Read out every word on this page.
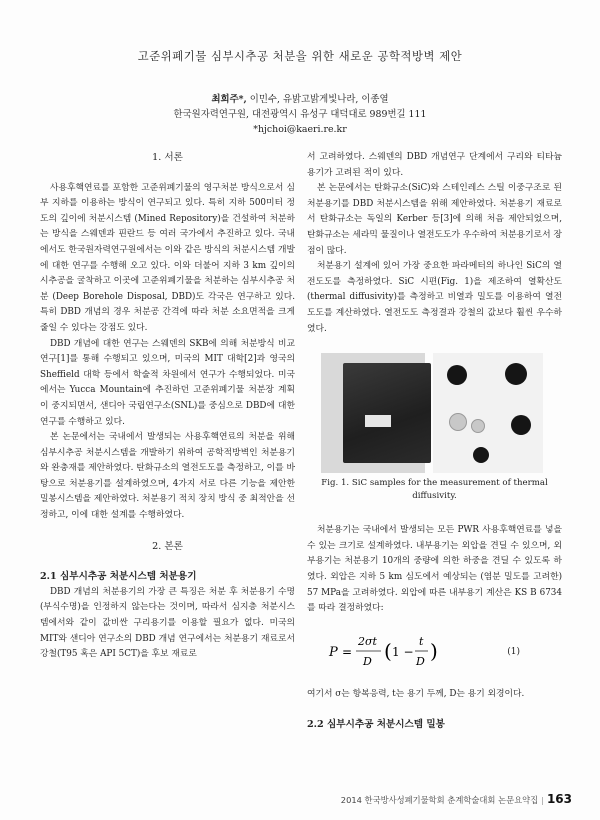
고준위폐기물 심부시추공 처분을 위한 새로운 공학적방벽 제안
최희주*, 이민수, 유밝고밝게빛나라, 이종열
한국원자력연구원, 대전광역시 유성구 대덕대로 989번길 111
*hjchoi@kaeri.re.kr
1. 서론

사용후핵연료를 포함한 고준위폐기물의 영구처분 방식으로서 심부 지하를 이용하는 방식이 연구되고 있다. 특히 지하 500미터 정도의 깊이에 처분시스템 (Mined Repository)을 건설하여 처분하는 방식을 스웨덴과 핀란드 등 여러 국가에서 추진하고 있다. 국내에서도 한국원자력연구원에서는 이와 같은 방식의 처분시스템 개발에 대한 연구를 수행해 오고 있다. 이와 더불어 지하 3 km 깊이의 시추공을 굴착하고 이곳에 고준위폐기물을 처분하는 심부시추공 처분 (Deep Borehole Disposal, DBD)도 각국은 연구하고 있다. 특히 DBD 개념의 경우 처분공 간격에 따라 처분 소요면적을 크게 줄일 수 있다는 강점도 있다.

DBD 개념에 대한 연구는 스웨덴의 SKB에 의해 처분방식 비교 연구[1]를 통해 수행되고 있으며, 미국의 MIT 대학[2]과 영국의 Sheffield 대학 등에서 학술적 차원에서 연구가 수행되었다. 미국에서는 Yucca Mountain에 추진하던 고준위폐기물 처분장 계획이 중지되면서, 샌디아 국립연구소(SNL)를 중심으로 DBD에 대한 연구를 수행하고 있다.

본 논문에서는 국내에서 발생되는 사용후핵연료의 처분을 위해 심부시추공 처분시스템을 개발하기 위하여 공학적방벽인 처분용기와 완충재를 제안하였다. 탄화규소의 열전도도를 측정하고, 이를 바탕으로 처분용기를 설계하였으며, 4가지 서로 다른 기능을 제안한 밀봉시스템을 제안하였다. 처분용기 적치 장치 방식 중 최적안을 선정하고, 이에 대한 설계를 수행하였다.

2. 본론
2.1 심부시추공 처분시스템 처분용기

DBD 개념의 처분용기의 가장 큰 특징은 처분 후 처분용기 수명(부식수명)을 인정하지 않는다는 것이며, 따라서 심지층 처분시스템에서와 같이 값비싼 구리용기를 이용할 필요가 없다. 미국의 MIT와 샌디아 연구소의 DBD 개념 연구에서는 처분용기 재료로서 강철(T95 혹은 API 5CT)을 후보 재료로

서 고려하였다. 스웨덴의 DBD 개념연구 단계에서 구리와 티타늄용기가 고려된 적이 있다.

본 논문에서는 탄화규소(SiC)와 스테인레스 스틸 이중구조로 된 처분용기를 DBD 처분시스템을 위해 제안하였다. 처분용기 재료로서 탄화규소는 독일의 Kerber 등[3]에 의해 처음 제안되었으며, 탄화규소는 세라믹 물질이나 열전도도가 우수하여 처분용기로서 장점이 많다.

처분용기 설계에 있어 가장 중요한 파라메터의 하나인 SiC의 열전도도를 측정하였다. SiC 시편(Fig. 1)을 제조하여 열확산도(thermal diffusivity)를 측정하고 비열과 밀도를 이용하여 열전도도를 계산하였다. 열전도도 측정결과 강철의 값보다 훨씬 우수하였다.

Fig. 1. SiC samples for the measurement of thermal diffusivity.

처분용기는 국내에서 발생되는 모든 PWR 사용후핵연료를 넣을 수 있는 크기로 설계하였다. 내부용기는 외압을 견딜 수 있으며, 외부용기는 처분용기 10개의 중량에 의한 하중을 견딜 수 있도록 하였다. 외압은 지하 5 km 심도에서 예상되는 (염분 밀도를 고려한) 57 MPa을 고려하였다. 외압에 따른 내부용기 계산은 KS B 6734를 따라 결정하였다:

P =
2σt
D ( 1 −
t
D )	(1)

여기서 σ는 항복응력, t는 용기 두께, D는 용기 외경이다.

2.2 심부시추공 처분시스템 밀봉
2014 한국방사성폐기물학회 춘계학술대회 논문요약집 | 163
